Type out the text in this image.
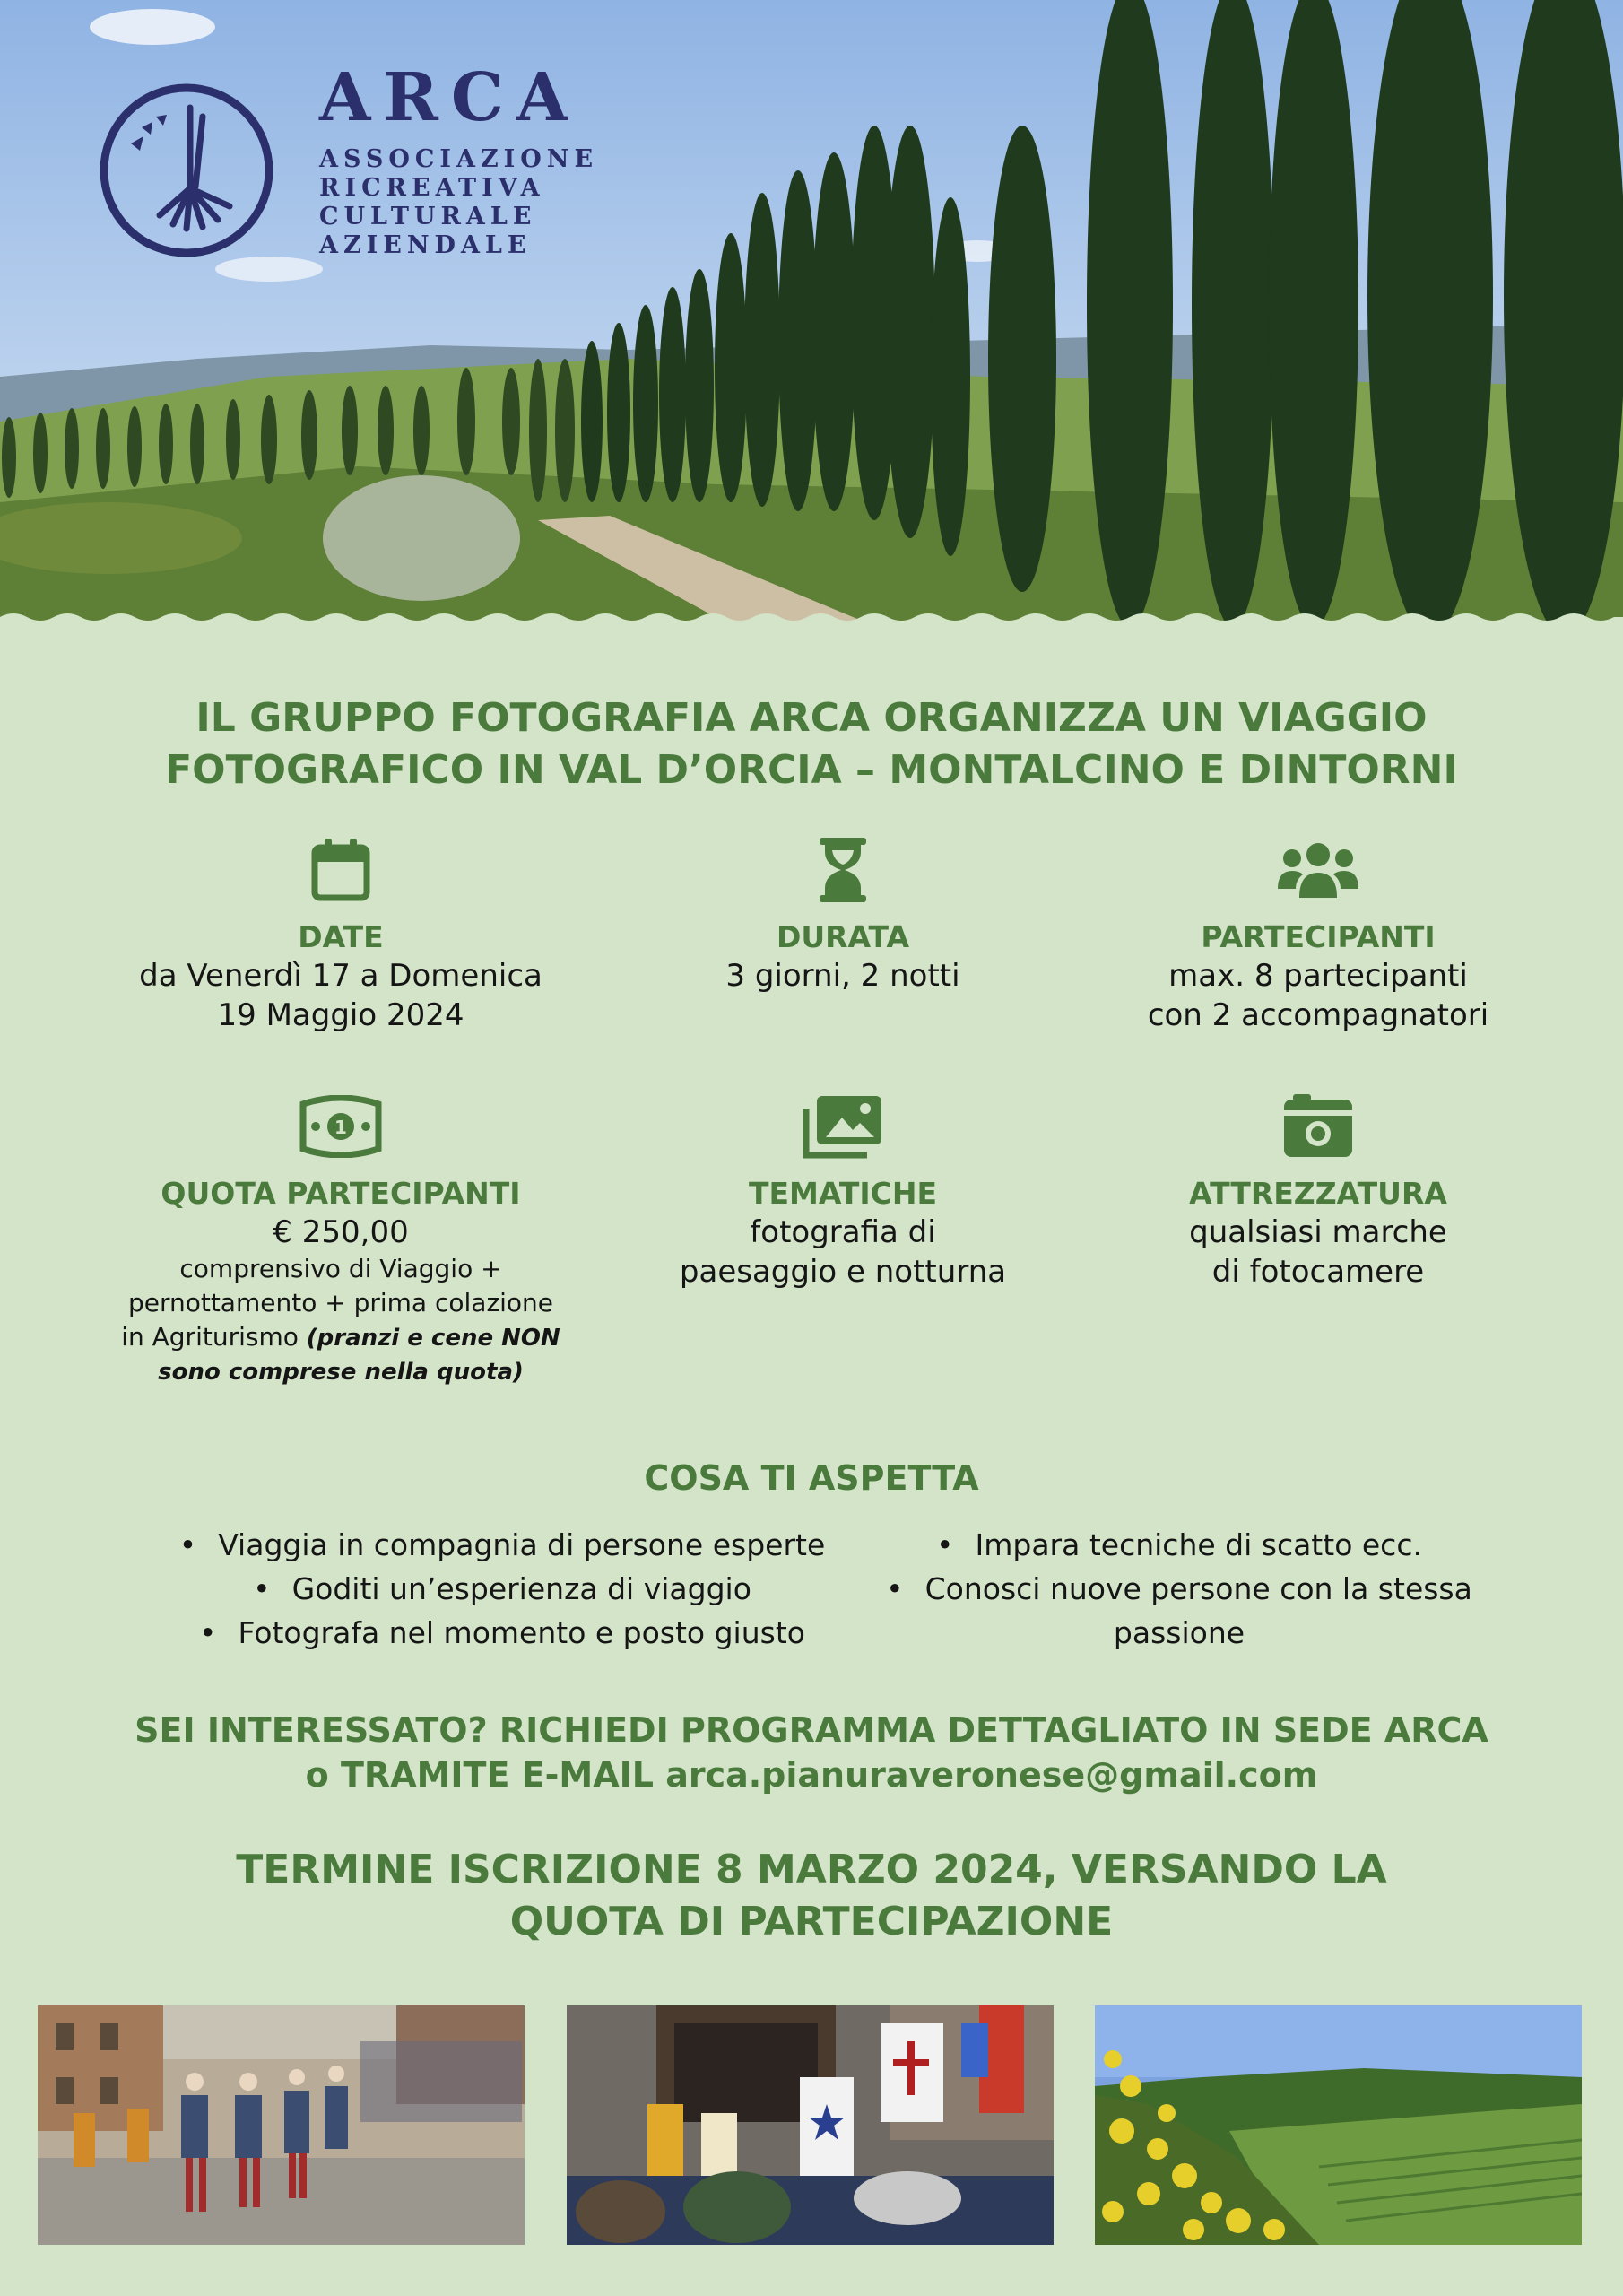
ARCA
ASSOCIAZIONE
RICREATIVA
CULTURALE
AZIENDALE
IL GRUPPO FOTOGRAFIA ARCA ORGANIZZA UN VIAGGIO
FOTOGRAFICO IN VAL D’ORCIA – MONTALCINO E DINTORNI
DATE
da Venerdì 17 a Domenica
19 Maggio 2024
DURATA
3 giorni, 2 notti
PARTECIPANTI
max. 8 partecipanti
con 2 accompagnatori
1
QUOTA PARTECIPANTI
€ 250,00
comprensivo di Viaggio +
pernottamento + prima colazione
in Agriturismo (pranzi e cene NON
sono comprese nella quota)
TEMATICHE
fotografia di
paesaggio e notturna
ATTREZZATURA
qualsiasi marche
di fotocamere
COSA TI ASPETTA
• Viaggia in compagnia di persone esperte
• Goditi un’esperienza di viaggio
• Fotografa nel momento e posto giusto
• Impara tecniche di scatto ecc.
• Conosci nuove persone con la stessa
passione
SEI INTERESSATO? RICHIEDI PROGRAMMA DETTAGLIATO IN SEDE ARCA
o TRAMITE E-MAIL arca.pianuraveronese@gmail.com
TERMINE ISCRIZIONE 8 MARZO 2024, VERSANDO LA
QUOTA DI PARTECIPAZIONE
